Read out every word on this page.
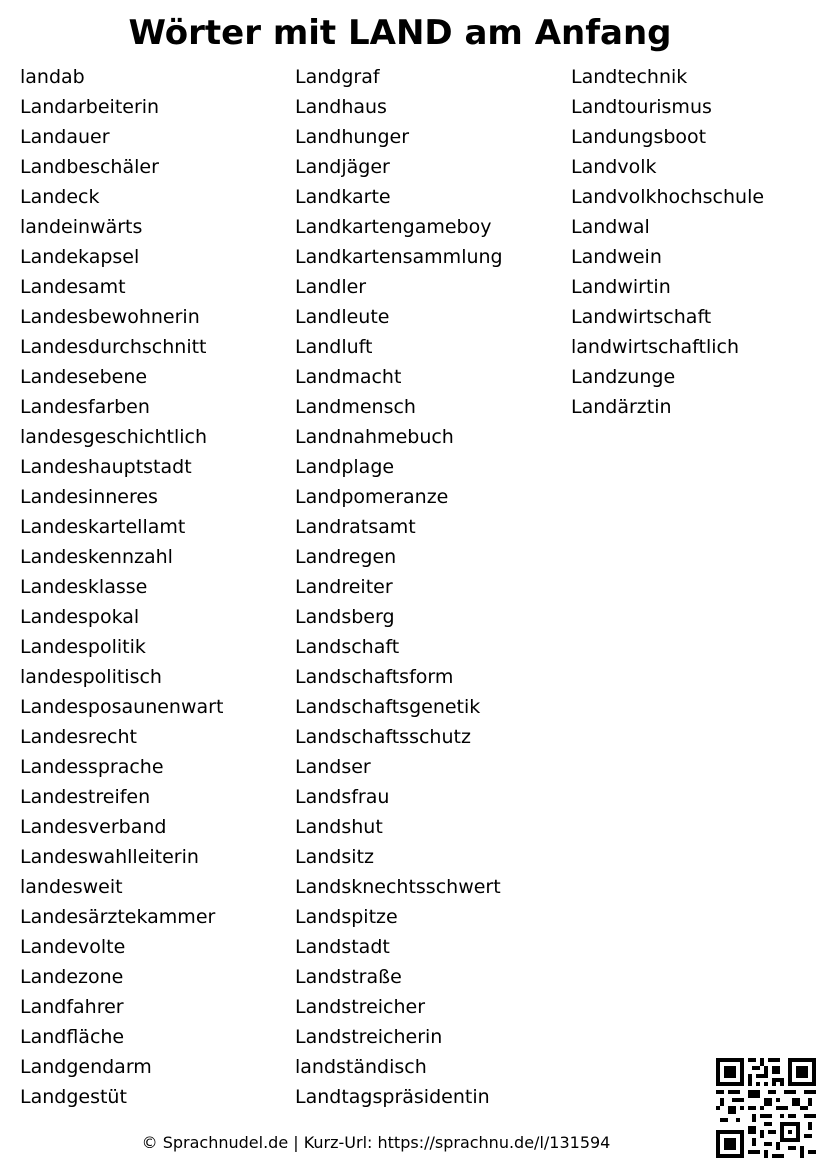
Wörter mit LAND am Anfang
landab
Landarbeiterin
Landauer
Landbeschäler
Landeck
landeinwärts
Landekapsel
Landesamt
Landesbewohnerin
Landesdurchschnitt
Landesebene
Landesfarben
landesgeschichtlich
Landeshauptstadt
Landesinneres
Landeskartellamt
Landeskennzahl
Landesklasse
Landespokal
Landespolitik
landespolitisch
Landesposaunenwart
Landesrecht
Landessprache
Landestreifen
Landesverband
Landeswahlleiterin
landesweit
Landesärztekammer
Landevolte
Landezone
Landfahrer
Landfläche
Landgendarm
Landgestüt
Landgraf
Landhaus
Landhunger
Landjäger
Landkarte
Landkartengameboy
Landkartensammlung
Landler
Landleute
Landluft
Landmacht
Landmensch
Landnahmebuch
Landplage
Landpomeranze
Landratsamt
Landregen
Landreiter
Landsberg
Landschaft
Landschaftsform
Landschaftsgenetik
Landschaftsschutz
Landser
Landsfrau
Landshut
Landsitz
Landsknechtsschwert
Landspitze
Landstadt
Landstraße
Landstreicher
Landstreicherin
landständisch
Landtagspräsidentin
Landtechnik
Landtourismus
Landungsboot
Landvolk
Landvolkhochschule
Landwal
Landwein
Landwirtin
Landwirtschaft
landwirtschaftlich
Landzunge
Landärztin
© Sprachnudel.de | Kurz-Url: https://sprachnu.de/l/131594
